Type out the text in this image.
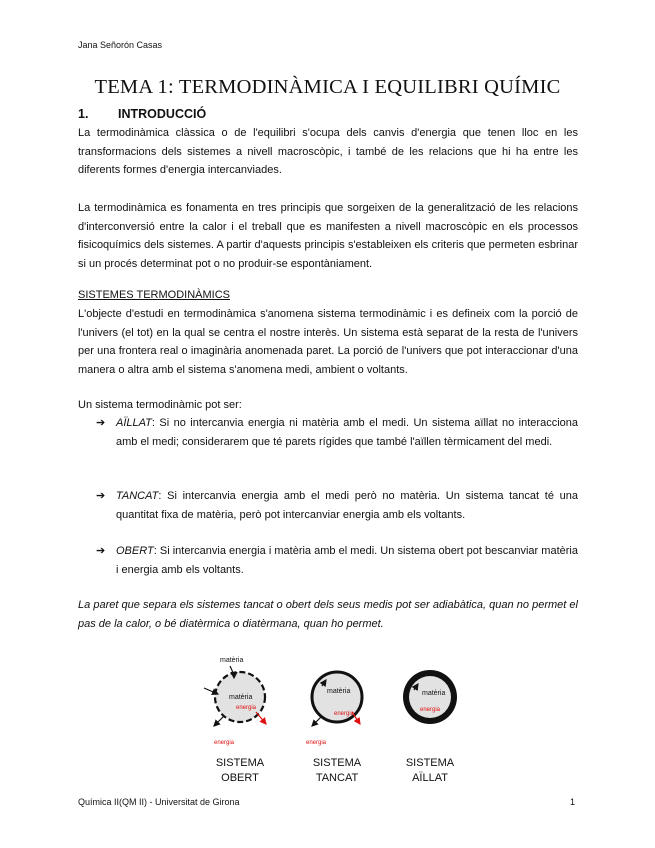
Jana Señorón Casas
TEMA 1: TERMODINÀMICA I EQUILIBRI QUÍMIC
1. INTRODUCCIÓ

La termodinàmica clàssica o de l'equilibri s'ocupa dels canvis d'energia que tenen lloc en les transformacions dels sistemes a nivell macroscòpic, i també de les relacions que hi ha entre les diferents formes d'energia intercanviades.

La termodinàmica es fonamenta en tres principis que sorgeixen de la generalització de les relacions d'interconversió entre la calor i el treball que es manifesten a nivell macroscòpic en els processos fisicoquímics dels sistemes. A partir d'aquests principis s'estableixen els criteris que permeten esbrinar si un procés determinat pot o no produir-se espontàniament.

SISTEMES TERMODINÀMICS

L'objecte d'estudi en termodinàmica s'anomena sistema termodinàmic i es defineix com la porció de l'univers (el tot) en la qual se centra el nostre interès. Un sistema està separat de la resta de l'univers per una frontera real o imaginària anomenada paret. La porció de l'univers que pot interaccionar d'una manera o altra amb el sistema s'anomena medi, ambient o voltants.

Un sistema termodinàmic pot ser:

➔ AÏLLAT: Si no intercanvia energia ni matèria amb el medi. Un sistema aïllat no interacciona amb el medi; considerarem que té parets rígides que també l'aïllen tèrmicament del medi.
➔ TANCAT: Si intercanvia energia amb el medi però no matèria. Un sistema tancat té una quantitat fixa de matèria, però pot intercanviar energia amb els voltants.
➔ OBERT: Si intercanvia energia i matèria amb el medi. Un sistema obert pot bescanviar matèria i energia amb els voltants.

La paret que separa els sistemes tancat o obert dels seus medis pot ser adiabàtica, quan no permet el pas de la calor, o bé diatèrmica o diatèrmana, quan ho permet.

matèria
matèria
energia
energia
matèria
energia
energia
matèria
energia
SISTEMA
OBERT
SISTEMA
TANCAT
SISTEMA
AÏLLAT
Química II(QM II) - Universitat de Girona	1
